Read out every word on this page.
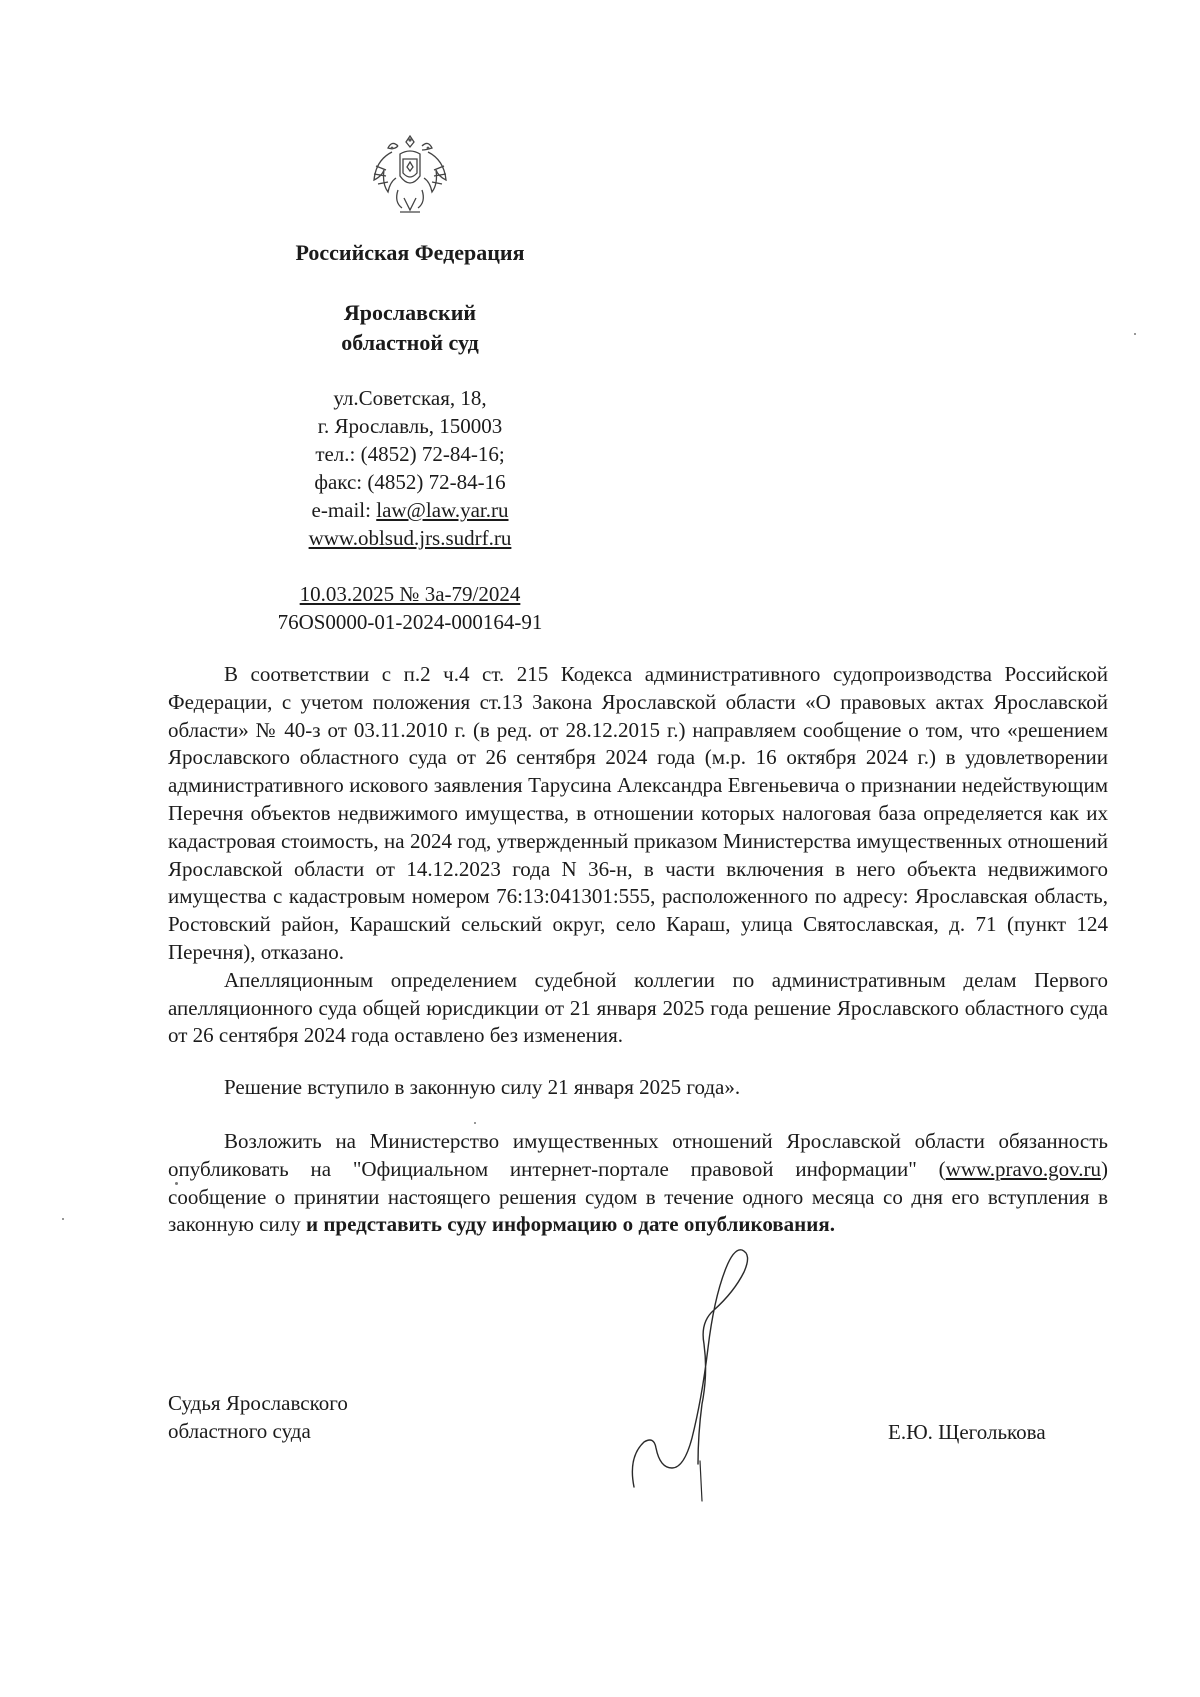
Российская Федерация
Ярославский
областной суд
ул.Советская, 18,
г. Ярославль, 150003
тел.: (4852) 72-84-16;
факс: (4852) 72-84-16
e-mail: law@law.yar.ru
www.oblsud.jrs.sudrf.ru
10.03.2025 № 3а-79/2024
76OS0000-01-2024-000164-91

В соответствии с п.2 ч.4 ст. 215 Кодекса административного судопроизводства Российской Федерации, с учетом положения ст.13 Закона Ярославской области «О правовых актах Ярославской области» № 40-з от 03.11.2010 г. (в ред. от 28.12.2015 г.) направляем сообщение о том, что «решением Ярославского областного суда от 26 сентября 2024 года (м.р. 16 октября 2024 г.) в удовлетворении административного искового заявления Тарусина Александра Евгеньевича о признании недействующим Перечня объектов недвижимого имущества, в отношении которых налоговая база определяется как их кадастровая стоимость, на 2024 год, утвержденный приказом Министерства имущественных отношений Ярославской области от 14.12.2023 года N 36-н, в части включения в него объекта недвижимого имущества с кадастровым номером 76:13:041301:555, расположенного по адресу: Ярославская область, Ростовский район, Карашский сельский округ, село Караш, улица Святославская, д. 71 (пункт 124 Перечня), отказано.

Апелляционным определением судебной коллегии по административным делам Первого апелляционного суда общей юрисдикции от 21 января 2025 года решение Ярославского областного суда от 26 сентября 2024 года оставлено без изменения.

Решение вступило в законную силу 21 января 2025 года».

Возложить на Министерство имущественных отношений Ярославской области обязанность опубликовать на "Официальном интернет-портале правовой информации" (www.pravo.gov.ru) сообщение о принятии настоящего решения судом в течение одного месяца со дня его вступления в законную силу и представить суду информацию о дате опубликования.

Судья Ярославского
областного суда	Е.Ю. Щеголькова
